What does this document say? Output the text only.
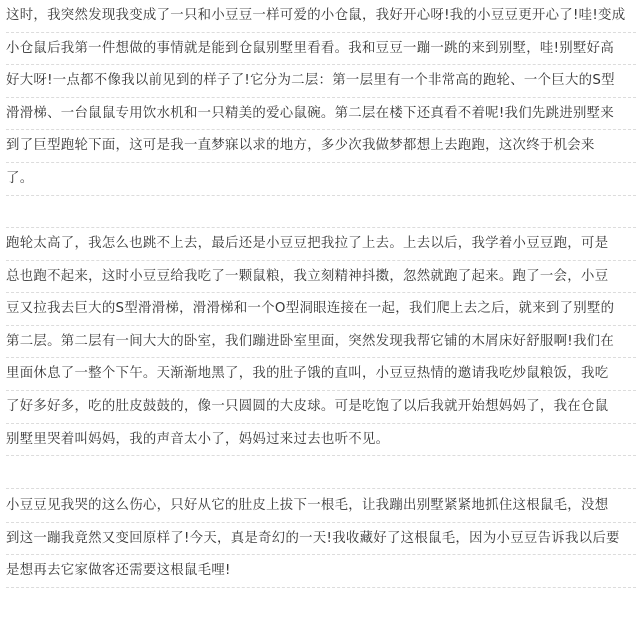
这时，我突然发现我变成了一只和小豆豆一样可爱的小仓鼠，我好开心呀!我的小豆豆更开心了!哇!变成
小仓鼠后我第一件想做的事情就是能到仓鼠别墅里看看。我和豆豆一蹦一跳的来到别墅，哇!别墅好高
好大呀!一点都不像我以前见到的样子了!它分为二层：第一层里有一个非常高的跑轮、一个巨大的S型
滑滑梯、一台鼠鼠专用饮水机和一只精美的爱心鼠碗。第二层在楼下还真看不着呢!我们先跳进别墅来
到了巨型跑轮下面，这可是我一直梦寐以求的地方，多少次我做梦都想上去跑跑，这次终于机会来
了。
跑轮太高了，我怎么也跳不上去，最后还是小豆豆把我拉了上去。上去以后，我学着小豆豆跑，可是
总也跑不起来，这时小豆豆给我吃了一颗鼠粮，我立刻精神抖擞，忽然就跑了起来。跑了一会，小豆
豆又拉我去巨大的S型滑滑梯，滑滑梯和一个O型洞眼连接在一起，我们爬上去之后，就来到了别墅的
第二层。第二层有一间大大的卧室，我们蹦进卧室里面，突然发现我帮它铺的木屑床好舒服啊!我们在
里面休息了一整个下午。天渐渐地黑了，我的肚子饿的直叫，小豆豆热情的邀请我吃炒鼠粮饭，我吃
了好多好多，吃的肚皮鼓鼓的，像一只圆圆的大皮球。可是吃饱了以后我就开始想妈妈了，我在仓鼠
别墅里哭着叫妈妈，我的声音太小了，妈妈过来过去也听不见。
小豆豆见我哭的这么伤心，只好从它的肚皮上拔下一根毛，让我蹦出别墅紧紧地抓住这根鼠毛，没想
到这一蹦我竟然又变回原样了!今天，真是奇幻的一天!我收藏好了这根鼠毛，因为小豆豆告诉我以后要
是想再去它家做客还需要这根鼠毛哩!
